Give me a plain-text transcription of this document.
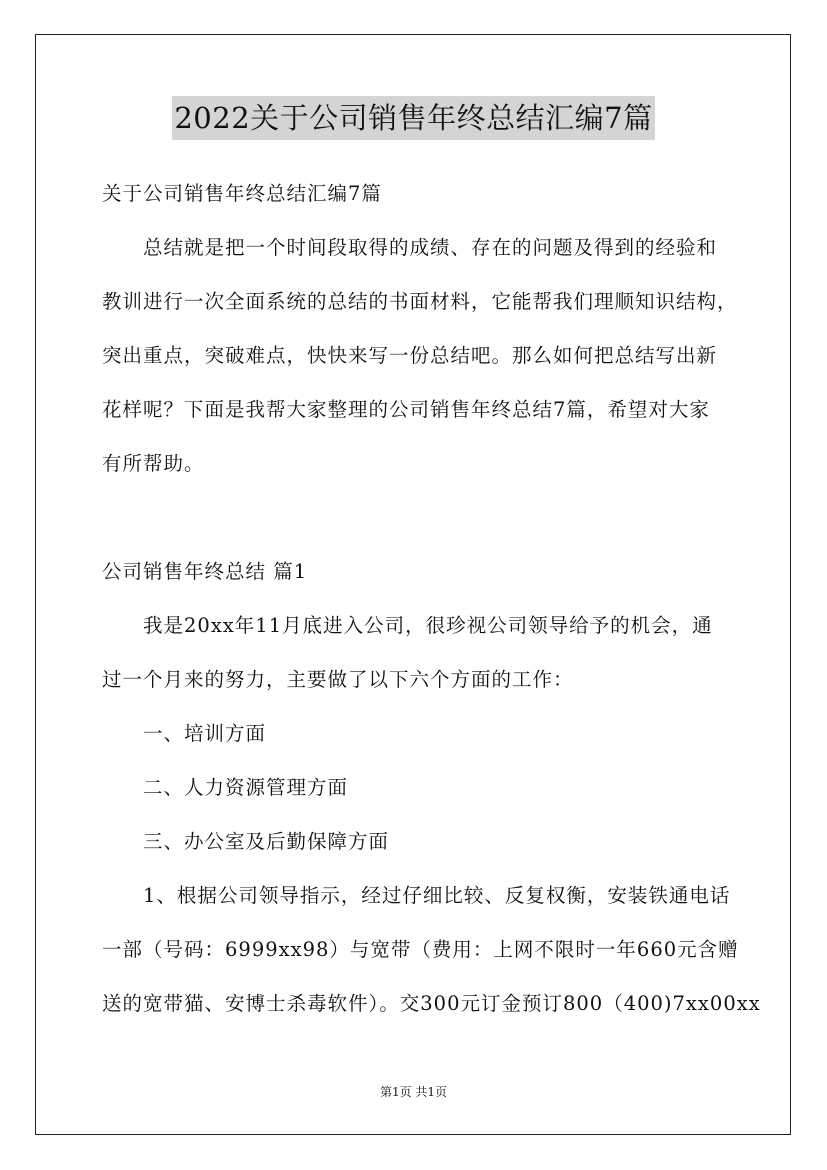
2022关于公司销售年终总结汇编7篇
关于公司销售年终总结汇编7篇
总结就是把一个时间段取得的成绩、存在的问题及得到的经验和
教训进行一次全面系统的总结的书面材料，它能帮我们理顺知识结构，
突出重点，突破难点，快快来写一份总结吧。那么如何把总结写出新
花样呢？下面是我帮大家整理的公司销售年终总结7篇，希望对大家
有所帮助。
公司销售年终总结 篇1
我是20xx年11月底进入公司，很珍视公司领导给予的机会，通
过一个月来的努力，主要做了以下六个方面的工作：
一、培训方面
二、人力资源管理方面
三、办公室及后勤保障方面
1、根据公司领导指示，经过仔细比较、反复权衡，安装铁通电话
一部（号码：6999xx98）与宽带（费用：上网不限时一年660元含赠
送的宽带猫、安博士杀毒软件）。交300元订金预订800（400)7xx00xx
第1页 共1页
